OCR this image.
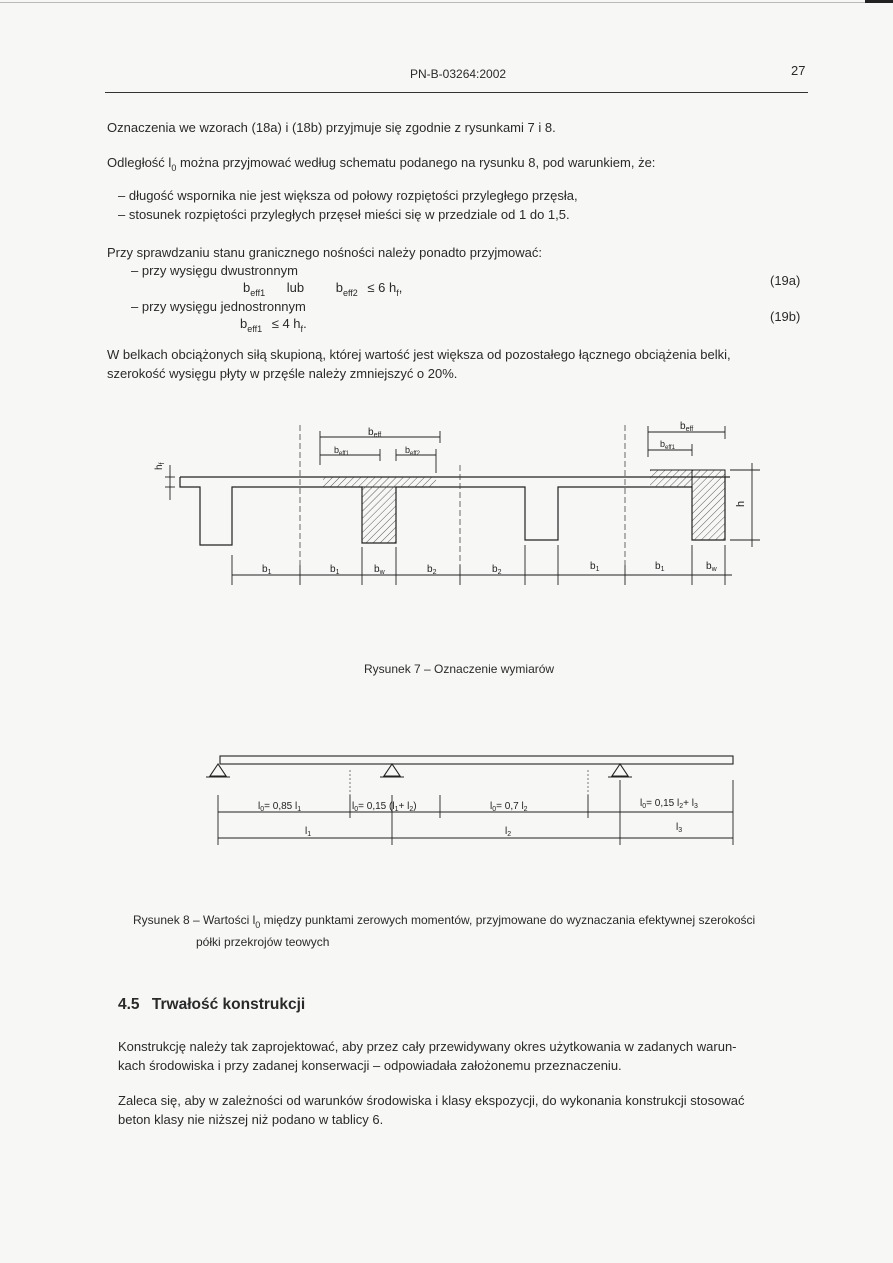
PN-B-03264:2002	27
Oznaczenia we wzorach (18a) i (18b) przyjmuje się zgodnie z rysunkami 7 i 8.
Odległość $l_0$ można przyjmować według schematu podanego na rysunku 8, pod warunkiem, że:
– długość wspornika nie jest większa od połowy rozpiętości przyległego przęsła,
– stosunek rozpiętości przyległych przęseł mieści się w przedziale od 1 do 1,5.
Przy sprawdzaniu stanu granicznego nośności należy ponadto przyjmować:
– przy wysięgu dwustronnym
$b_{eff1}$ lub $b_{eff2} \le 6$ $h_f$,	(19a)
– przy wysięgu jednostronnym
$b_{eff1} \le 4$ $h_f$.	(19b)
W belkach obciążonych siłą skupioną, której wartość jest większa od pozostałego łącznego obciążenia belki,
szerokość wysięgu płyty w przęśle należy zmniejszyć o 20%.
$b_{eff}$
$b_{eff1}$	$b_{eff2}$
$b_{eff}$
$b_{eff1}$
$h_f$
h
$b_1$	$b_1$	$b_w$	$b_2$	$b_2$
$b_1$	$b_1$	$b_w$
Rysunek 7 – Oznaczenie wymiarów
$l_0= 0,85$ $l_1$	$l_0= 0,15$ $(l_1+ l_2)$	$l_0= 0,7$ $l_2$
$l_0= 0,15$ $l_2+ l_3$
$l_1$	$l_2$
$l_3$
Rysunek 8 – Wartości $l_0$ między punktami zerowych momentów, przyjmowane do wyznaczania efektywnej szerokości
półki przekrojów teowych
4.5 Trwałość konstrukcji
Konstrukcję należy tak zaprojektować, aby przez cały przewidywany okres użytkowania w zadanych warun-
kach środowiska i przy zadanej konserwacji – odpowiadała założonemu przeznaczeniu.
Zaleca się, aby w zależności od warunków środowiska i klasy ekspozycji, do wykonania konstrukcji stosować
beton klasy nie niższej niż podano w tablicy 6.
